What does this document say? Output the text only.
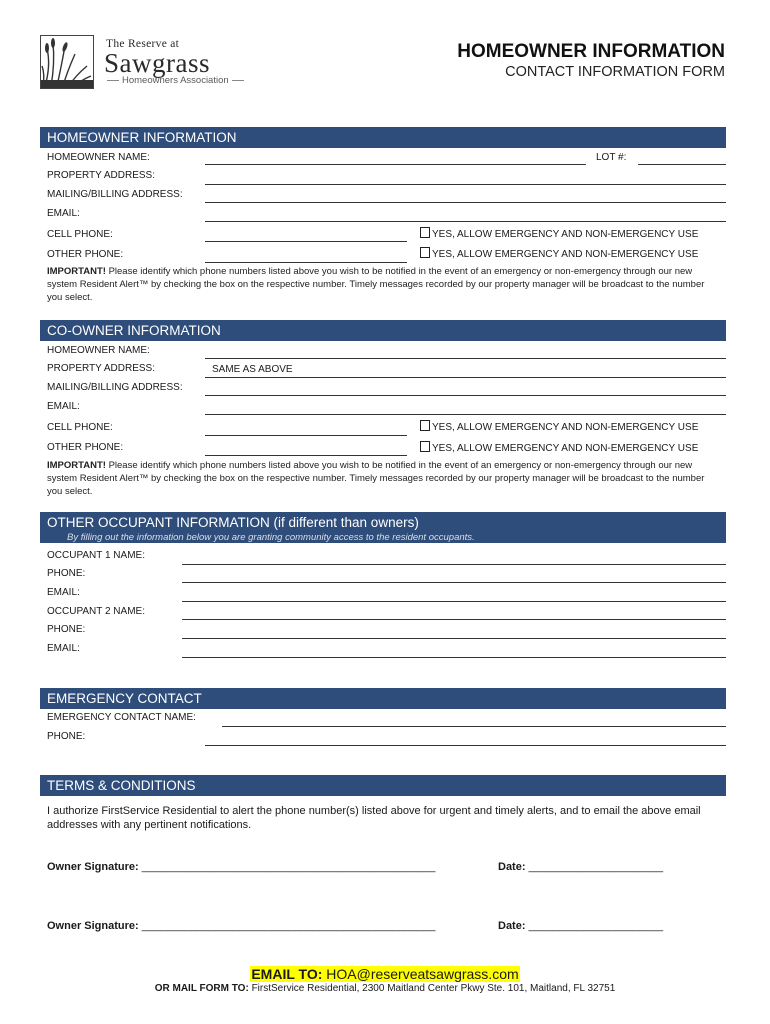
The Reserve at
Sawgrass
Homeowners Association
HOMEOWNER INFORMATION
CONTACT INFORMATION FORM
HOMEOWNER INFORMATION
HOMEOWNER NAME:	LOT #:
PROPERTY ADDRESS:
MAILING/BILLING ADDRESS:
EMAIL:
CELL PHONE:	YES, ALLOW EMERGENCY AND NON-EMERGENCY USE
OTHER PHONE:	YES, ALLOW EMERGENCY AND NON-EMERGENCY USE
IMPORTANT! Please identify which phone numbers listed above you wish to be notified in the event of an emergency or non-emergency through our new system Resident Alert™ by checking the box on the respective number. Timely messages recorded by our property manager will be broadcast to the number you select.
CO-OWNER INFORMATION
HOMEOWNER NAME:
PROPERTY ADDRESS:	SAME AS ABOVE
MAILING/BILLING ADDRESS:
EMAIL:
CELL PHONE:	YES, ALLOW EMERGENCY AND NON-EMERGENCY USE
OTHER PHONE:	YES, ALLOW EMERGENCY AND NON-EMERGENCY USE
IMPORTANT! Please identify which phone numbers listed above you wish to be notified in the event of an emergency or non-emergency through our new system Resident Alert™ by checking the box on the respective number. Timely messages recorded by our property manager will be broadcast to the number you select.
OTHER OCCUPANT INFORMATION (if different than owners)
By filling out the information below you are granting community access to the resident occupants.
OCCUPANT 1 NAME:
PHONE:
EMAIL:
OCCUPANT 2 NAME:
PHONE:
EMAIL:
EMERGENCY CONTACT
EMERGENCY CONTACT NAME:
PHONE:
TERMS & CONDITIONS
I authorize FirstService Residential to alert the phone number(s) listed above for urgent and timely alerts, and to email the above email addresses with any pertinent notifications.
Owner Signature: ________________________________________________	Date: ______________________
Owner Signature: ________________________________________________	Date: ______________________
EMAIL TO: HOA@reserveatsawgrass.com
OR MAIL FORM TO: FirstService Residential, 2300 Maitland Center Pkwy Ste. 101, Maitland, FL 32751
